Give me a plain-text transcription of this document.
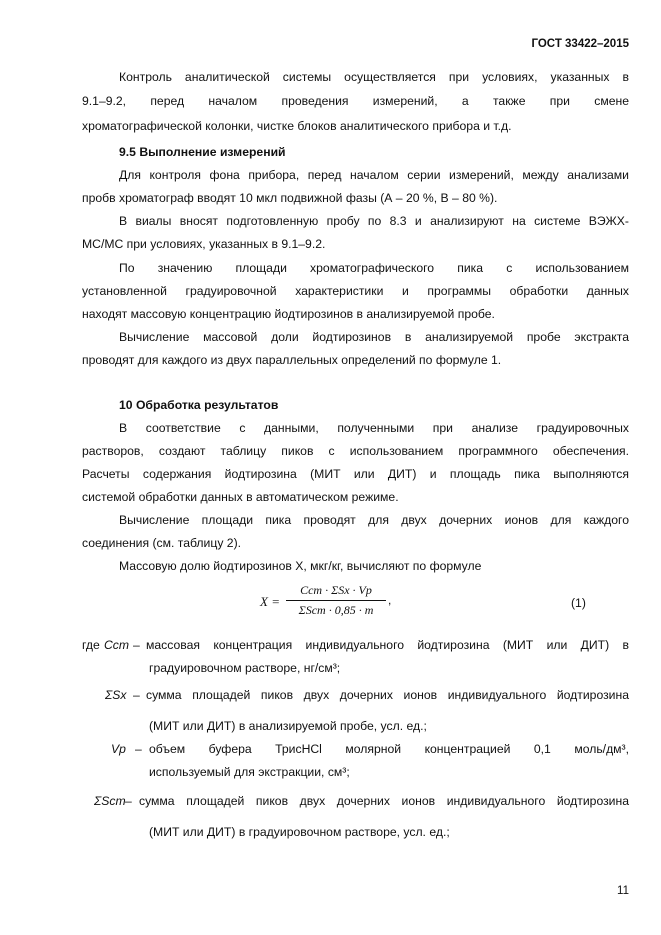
ГОСТ 33422–2015
Контроль аналитической системы осуществляется при условиях, указанных в
9.1–9.2, перед началом проведения измерений, а также при смене
хроматографической колонки, чистке блоков аналитического прибора и т.д.
9.5 Выполнение измерений
Для контроля фона прибора, перед началом серии измерений, между анализами
пробв хроматограф вводят 10 мкл подвижной фазы (А – 20 %, В – 80 %).
В виалы вносят подготовленную пробу по 8.3 и анализируют на системе ВЭЖХ-
МС/МС при условиях, указанных в 9.1–9.2.
По значению площади хроматографического пика с использованием
установленной градуировочной характеристики и программы обработки данных
находят массовую концентрацию йодтирозинов в анализируемой пробе.
Вычисление массовой доли йодтирозинов в анализируемой пробе экстракта
проводят для каждого из двух параллельных определений по формуле 1.
10 Обработка результатов
В соответствие с данными, полученными при анализе градуировочных
растворов, создают таблицу пиков с использованием программного обеспечения.
Расчеты содержания йодтирозина (МИТ или ДИТ) и площадь пика выполняются
системой обработки данных в автоматическом режиме.
Вычисление площади пика проводят для двух дочерних ионов для каждого
соединения (см. таблицу 2).
Массовую долю йодтирозинов X, мкг/кг, вычисляют по формуле
X =
Cст · ΣSx · Vр
ΣSст · 0,85 · m
,	(1)
где Cст – массовая концентрация индивидуального йодтирозина (МИТ или ДИТ) в
градуировочном растворе, нг/см³;
ΣSx – сумма площадей пиков двух дочерних ионов индивидуального йодтирозина
(МИТ или ДИТ) в анализируемой пробе, усл. ед.;
Vр – объем буфера ТрисHCl молярной концентрацией 0,1 моль/дм³,
используемый для экстракции, см³;
ΣSст – сумма площадей пиков двух дочерних ионов индивидуального йодтирозина
(МИТ или ДИТ) в градуировочном растворе, усл. ед.;
11
